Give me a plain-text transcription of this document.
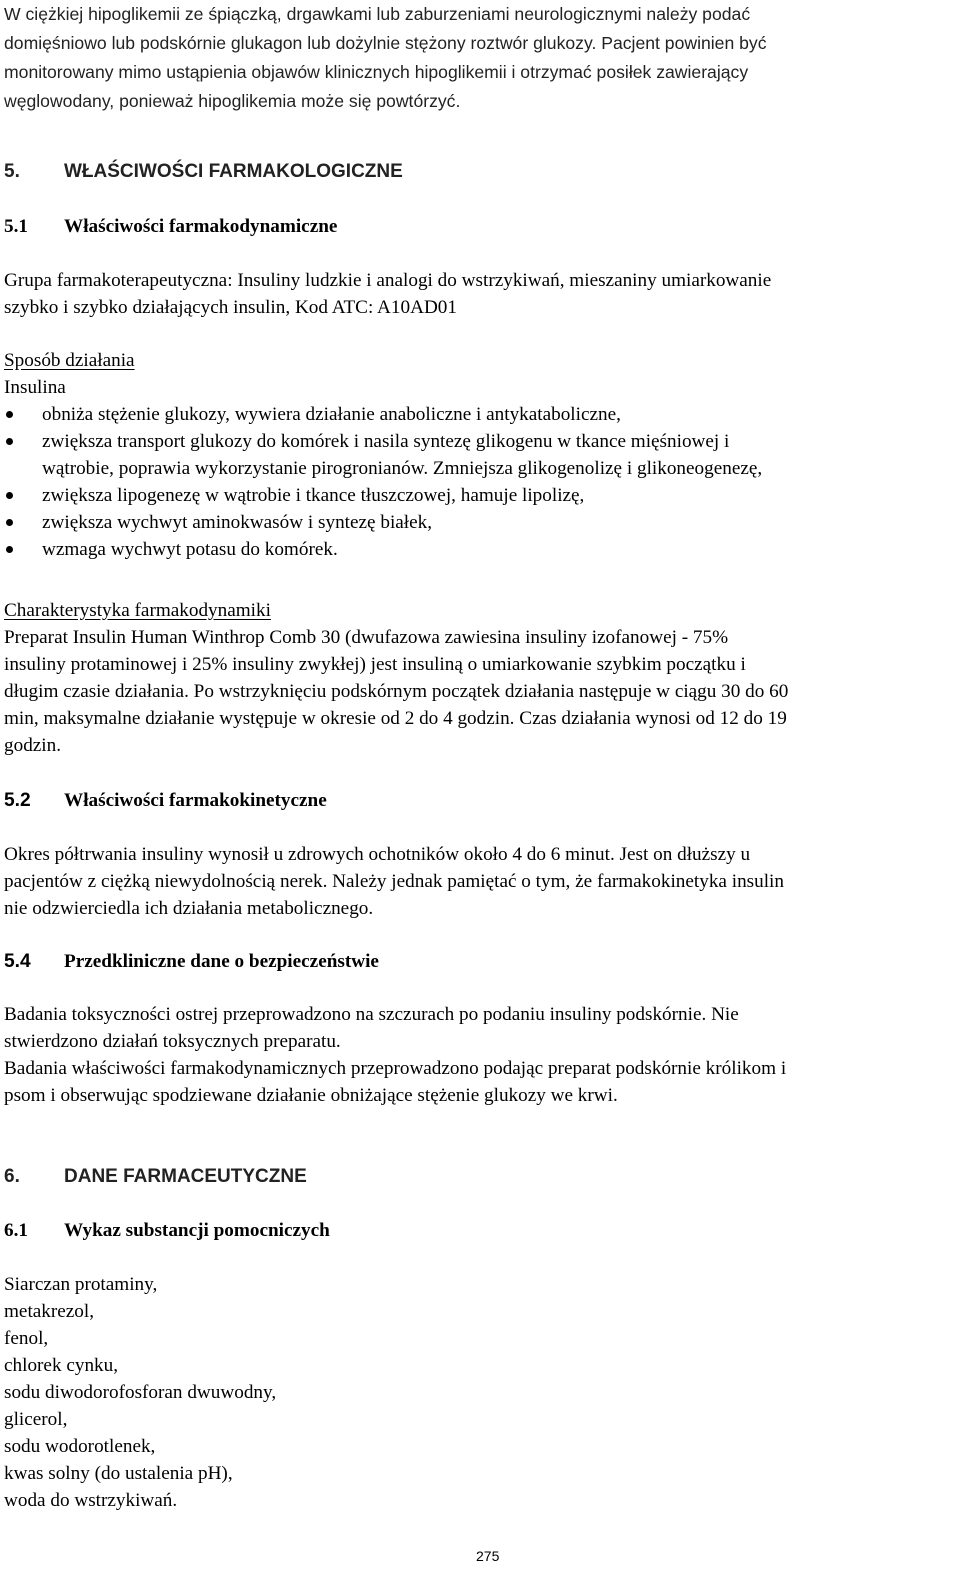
W ciężkiej hipoglikemii ze śpiączką, drgawkami lub zaburzeniami neurologicznymi należy podać
domięśniowo lub podskórnie glukagon lub dożylnie stężony roztwór glukozy. Pacjent powinien być
monitorowany mimo ustąpienia objawów klinicznych hipoglikemii i otrzymać posiłek zawierający
węglowodany, ponieważ hipoglikemia może się powtórzyć.
5.	WŁAŚCIWOŚCI FARMAKOLOGICZNE
5.1	Właściwości farmakodynamiczne

Grupa farmakoterapeutyczna: Insuliny ludzkie i analogi do wstrzykiwań, mieszaniny umiarkowanie

szybko i szybko działających insulin, Kod ATC: A10AD01

Sposób działania

Insulina

obniża stężenie glukozy, wywiera działanie anaboliczne i antykataboliczne,
zwiększa transport glukozy do komórek i nasila syntezę glikogenu w tkance mięśniowej i
wątrobie, poprawia wykorzystanie pirogronianów. Zmniejsza glikogenolizę i glikoneogenezę,
zwiększa lipogenezę w wątrobie i tkance tłuszczowej, hamuje lipolizę,
zwiększa wychwyt aminokwasów i syntezę białek,
wzmaga wychwyt potasu do komórek.

Charakterystyka farmakodynamiki

Preparat Insulin Human Winthrop Comb 30 (dwufazowa zawiesina insuliny izofanowej - 75%

insuliny protaminowej i 25% insuliny zwykłej) jest insuliną o umiarkowanie szybkim początku i

długim czasie działania. Po wstrzyknięciu podskórnym początek działania następuje w ciągu 30 do 60

min, maksymalne działanie występuje w okresie od 2 do 4 godzin. Czas działania wynosi od 12 do 19

godzin.

5.2	Właściwości farmakokinetyczne

Okres półtrwania insuliny wynosił u zdrowych ochotników około 4 do 6 minut. Jest on dłuższy u

pacjentów z ciężką niewydolnością nerek. Należy jednak pamiętać o tym, że farmakokinetyka insulin

nie odzwierciedla ich działania metabolicznego.

5.4	Przedkliniczne dane o bezpieczeństwie

Badania toksyczności ostrej przeprowadzono na szczurach po podaniu insuliny podskórnie. Nie

stwierdzono działań toksycznych preparatu.

Badania właściwości farmakodynamicznych przeprowadzono podając preparat podskórnie królikom i

psom i obserwując spodziewane działanie obniżające stężenie glukozy we krwi.

6.	DANE FARMACEUTYCZNE
6.1	Wykaz substancji pomocniczych

Siarczan protaminy,

metakrezol,

fenol,

chlorek cynku,

sodu diwodorofosforan dwuwodny,

glicerol,

sodu wodorotlenek,

kwas solny (do ustalenia pH),

woda do wstrzykiwań.

275
